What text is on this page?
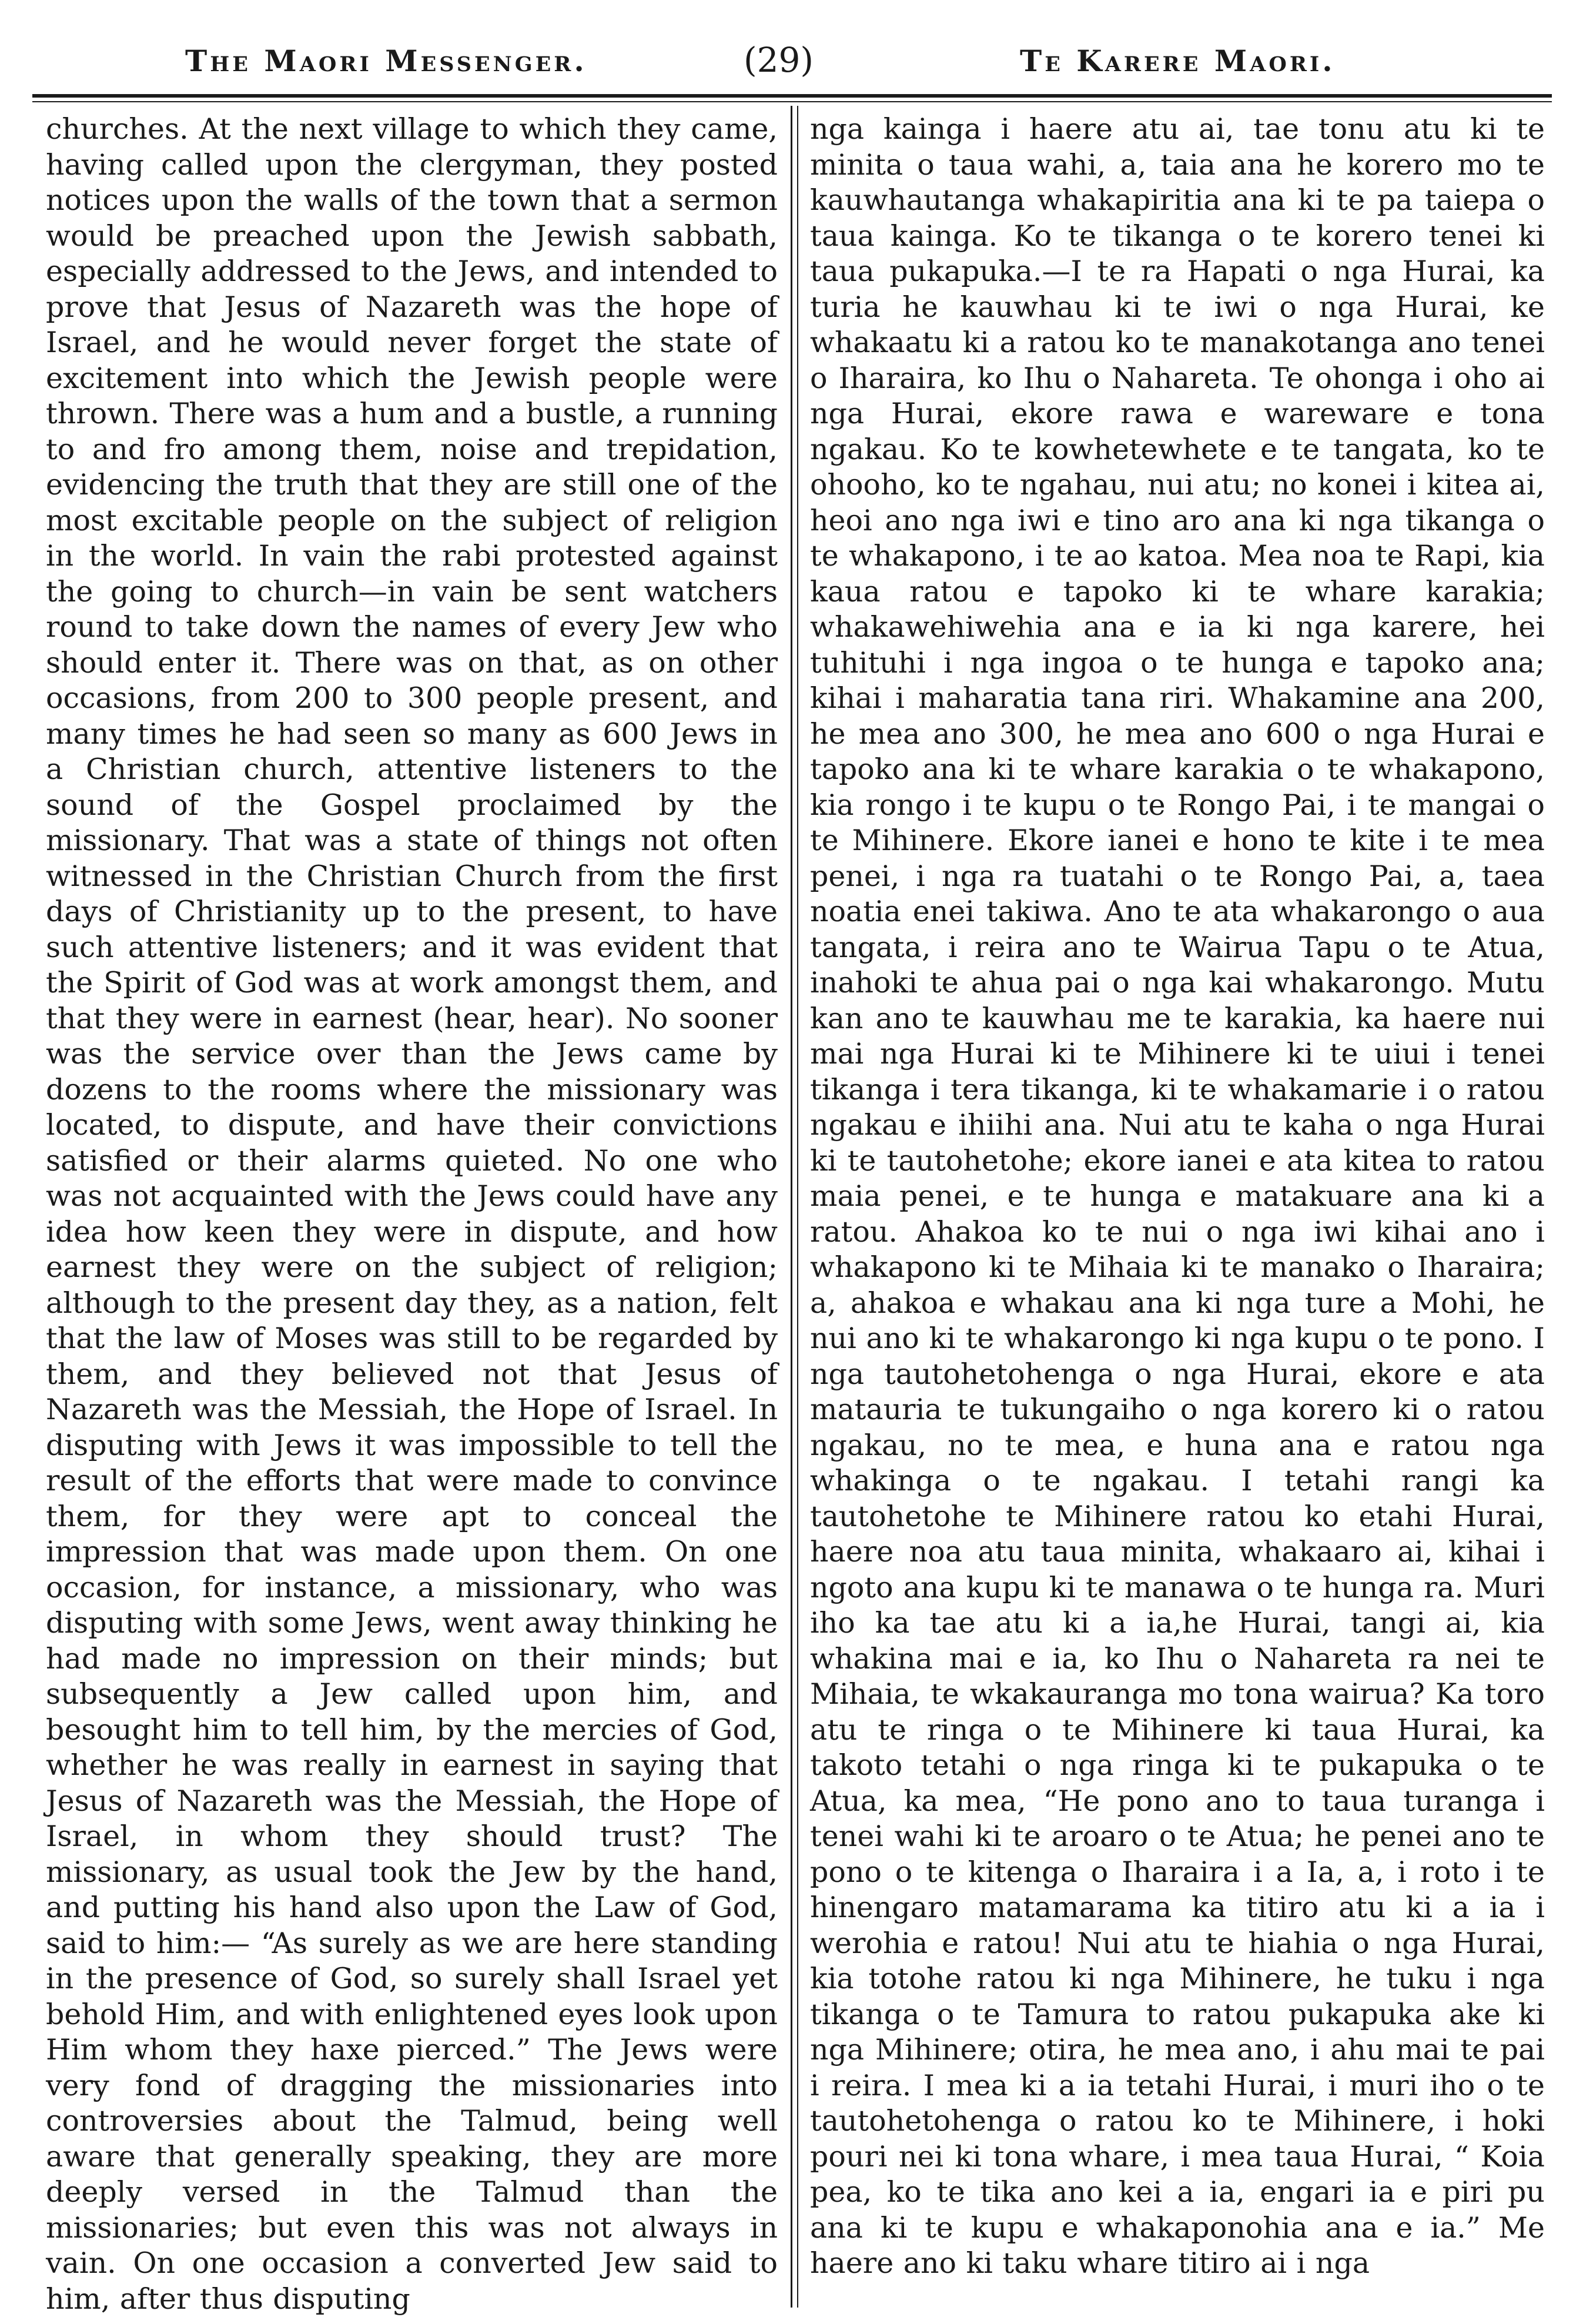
The Maori Messenger.	(29)	Te Karere Maori.

churches. At the next village to which they came, having called upon the clergyman, they posted notices upon the walls of the town that a sermon would be preached upon the Jewish sabbath, especially addressed to the Jews, and intended to prove that Jesus of Nazareth was the hope of Israel, and he would never forget the state of excitement into which the Jewish people were thrown. There was a hum and a bustle, a running to and fro among them, noise and trepidation, evidencing the truth that they are still one of the most excitable people on the subject of religion in the world. In vain the rabi protested against the going to church—in vain be sent watchers round to take down the names of every Jew who should enter it. There was on that, as on other occasions, from 200 to 300 people present, and many times he had seen so many as 600 Jews in a Christian church, attentive listeners to the sound of the Gospel proclaimed by the missionary. That was a state of things not often witnessed in the Christian Church from the first days of Christianity up to the present, to have such attentive listeners; and it was evident that the Spirit of God was at work amongst them, and that they were in earnest (hear, hear). No sooner was the service over than the Jews came by dozens to the rooms where the missionary was located, to dispute, and have their convictions satisfied or their alarms quieted. No one who was not acquainted with the Jews could have any idea how keen they were in dispute, and how earnest they were on the subject of religion; although to the present day they, as a nation, felt that the law of Moses was still to be regarded by them, and they believed not that Jesus of Nazareth was the Messiah, the Hope of Israel. In disputing with Jews it was impossible to tell the result of the efforts that were made to convince them, for they were apt to conceal the impression that was made upon them. On one occasion, for instance, a missionary, who was disputing with some Jews, went away thinking he had made no impression on their minds; but subsequently a Jew called upon him, and besought him to tell him, by the mercies of God, whether he was really in earnest in saying that Jesus of Nazareth was the Messiah, the Hope of Israel, in whom they should trust? The missionary, as usual took the Jew by the hand, and putting his hand also upon the Law of God, said to him:— “As surely as we are here standing in the presence of God, so surely shall Israel yet behold Him, and with enlightened eyes look upon Him whom they haxe pierced.” The Jews were very fond of dragging the missionaries into controversies about the Talmud, being well aware that generally speaking, they are more deeply versed in the Talmud than the missionaries; but even this was not always in vain. On one occasion a converted Jew said to him, after thus disputing

nga kainga i haere atu ai, tae tonu atu ki te minita o taua wahi, a, taia ana he korero mo te kauwhautanga whakapiritia ana ki te pa taiepa o taua kainga. Ko te tikanga o te korero tenei ki taua pukapuka.—I te ra Hapati o nga Hurai, ka turia he kauwhau ki te iwi o nga Hurai, ke whakaatu ki a ratou ko te manakotanga ano tenei o Iharaira, ko Ihu o Nahareta. Te ohonga i oho ai nga Hurai, ekore rawa e wareware e tona ngakau. Ko te kowhetewhete e te tangata, ko te ohooho, ko te ngahau, nui atu; no konei i kitea ai, heoi ano nga iwi e tino aro ana ki nga tikanga o te whakapono, i te ao katoa. Mea noa te Rapi, kia kaua ratou e tapoko ki te whare karakia; whakawehiwehia ana e ia ki nga karere, hei tuhituhi i nga ingoa o te hunga e tapoko ana; kihai i maharatia tana riri. Whakamine ana 200, he mea ano 300, he mea ano 600 o nga Hurai e tapoko ana ki te whare karakia o te whakapono, kia rongo i te kupu o te Rongo Pai, i te mangai o te Mihinere. Ekore ianei e hono te kite i te mea penei, i nga ra tuatahi o te Rongo Pai, a, taea noatia enei takiwa. Ano te ata whakarongo o aua tangata, i reira ano te Wairua Tapu o te Atua, inahoki te ahua pai o nga kai whakarongo. Mutu kan ano te kauwhau me te karakia, ka haere nui mai nga Hurai ki te Mihinere ki te uiui i tenei tikanga i tera tikanga, ki te whakamarie i o ratou ngakau e ihiihi ana. Nui atu te kaha o nga Hurai ki te tautohetohe; ekore ianei e ata kitea to ratou maia penei, e te hunga e matakuare ana ki a ratou. Ahakoa ko te nui o nga iwi kihai ano i whakapono ki te Mihaia ki te manako o Iharaira; a, ahakoa e whakau ana ki nga ture a Mohi, he nui ano ki te whakarongo ki nga kupu o te pono. I nga tautohetohenga o nga Hurai, ekore e ata matauria te tukungaiho o nga korero ki o ratou ngakau, no te mea, e huna ana e ratou nga whakinga o te ngakau. I tetahi rangi ka tautohetohe te Mihinere ratou ko etahi Hurai, haere noa atu taua minita, whakaaro ai, kihai i ngoto ana kupu ki te manawa o te hunga ra. Muri iho ka tae atu ki a ia,he Hurai, tangi ai, kia whakina mai e ia, ko Ihu o Nahareta ra nei te Mihaia, te wkakauranga mo tona wairua? Ka toro atu te ringa o te Mihinere ki taua Hurai, ka takoto tetahi o nga ringa ki te pukapuka o te Atua, ka mea, “He pono ano to taua turanga i tenei wahi ki te aroaro o te Atua; he penei ano te pono o te kitenga o Iharaira i a Ia, a, i roto i te hinengaro matamarama ka titiro atu ki a ia i werohia e ratou! Nui atu te hiahia o nga Hurai, kia totohe ratou ki nga Mihinere, he tuku i nga tikanga o te Tamura to ratou pukapuka ake ki nga Mihinere; otira, he mea ano, i ahu mai te pai i reira. I mea ki a ia tetahi Hurai, i muri iho o te tautohetohenga o ratou ko te Mihinere, i hoki pouri nei ki tona whare, i mea taua Hurai, “ Koia pea, ko te tika ano kei a ia, engari ia e piri pu ana ki te kupu e whakaponohia ana e ia.” Me haere ano ki taku whare titiro ai i nga
